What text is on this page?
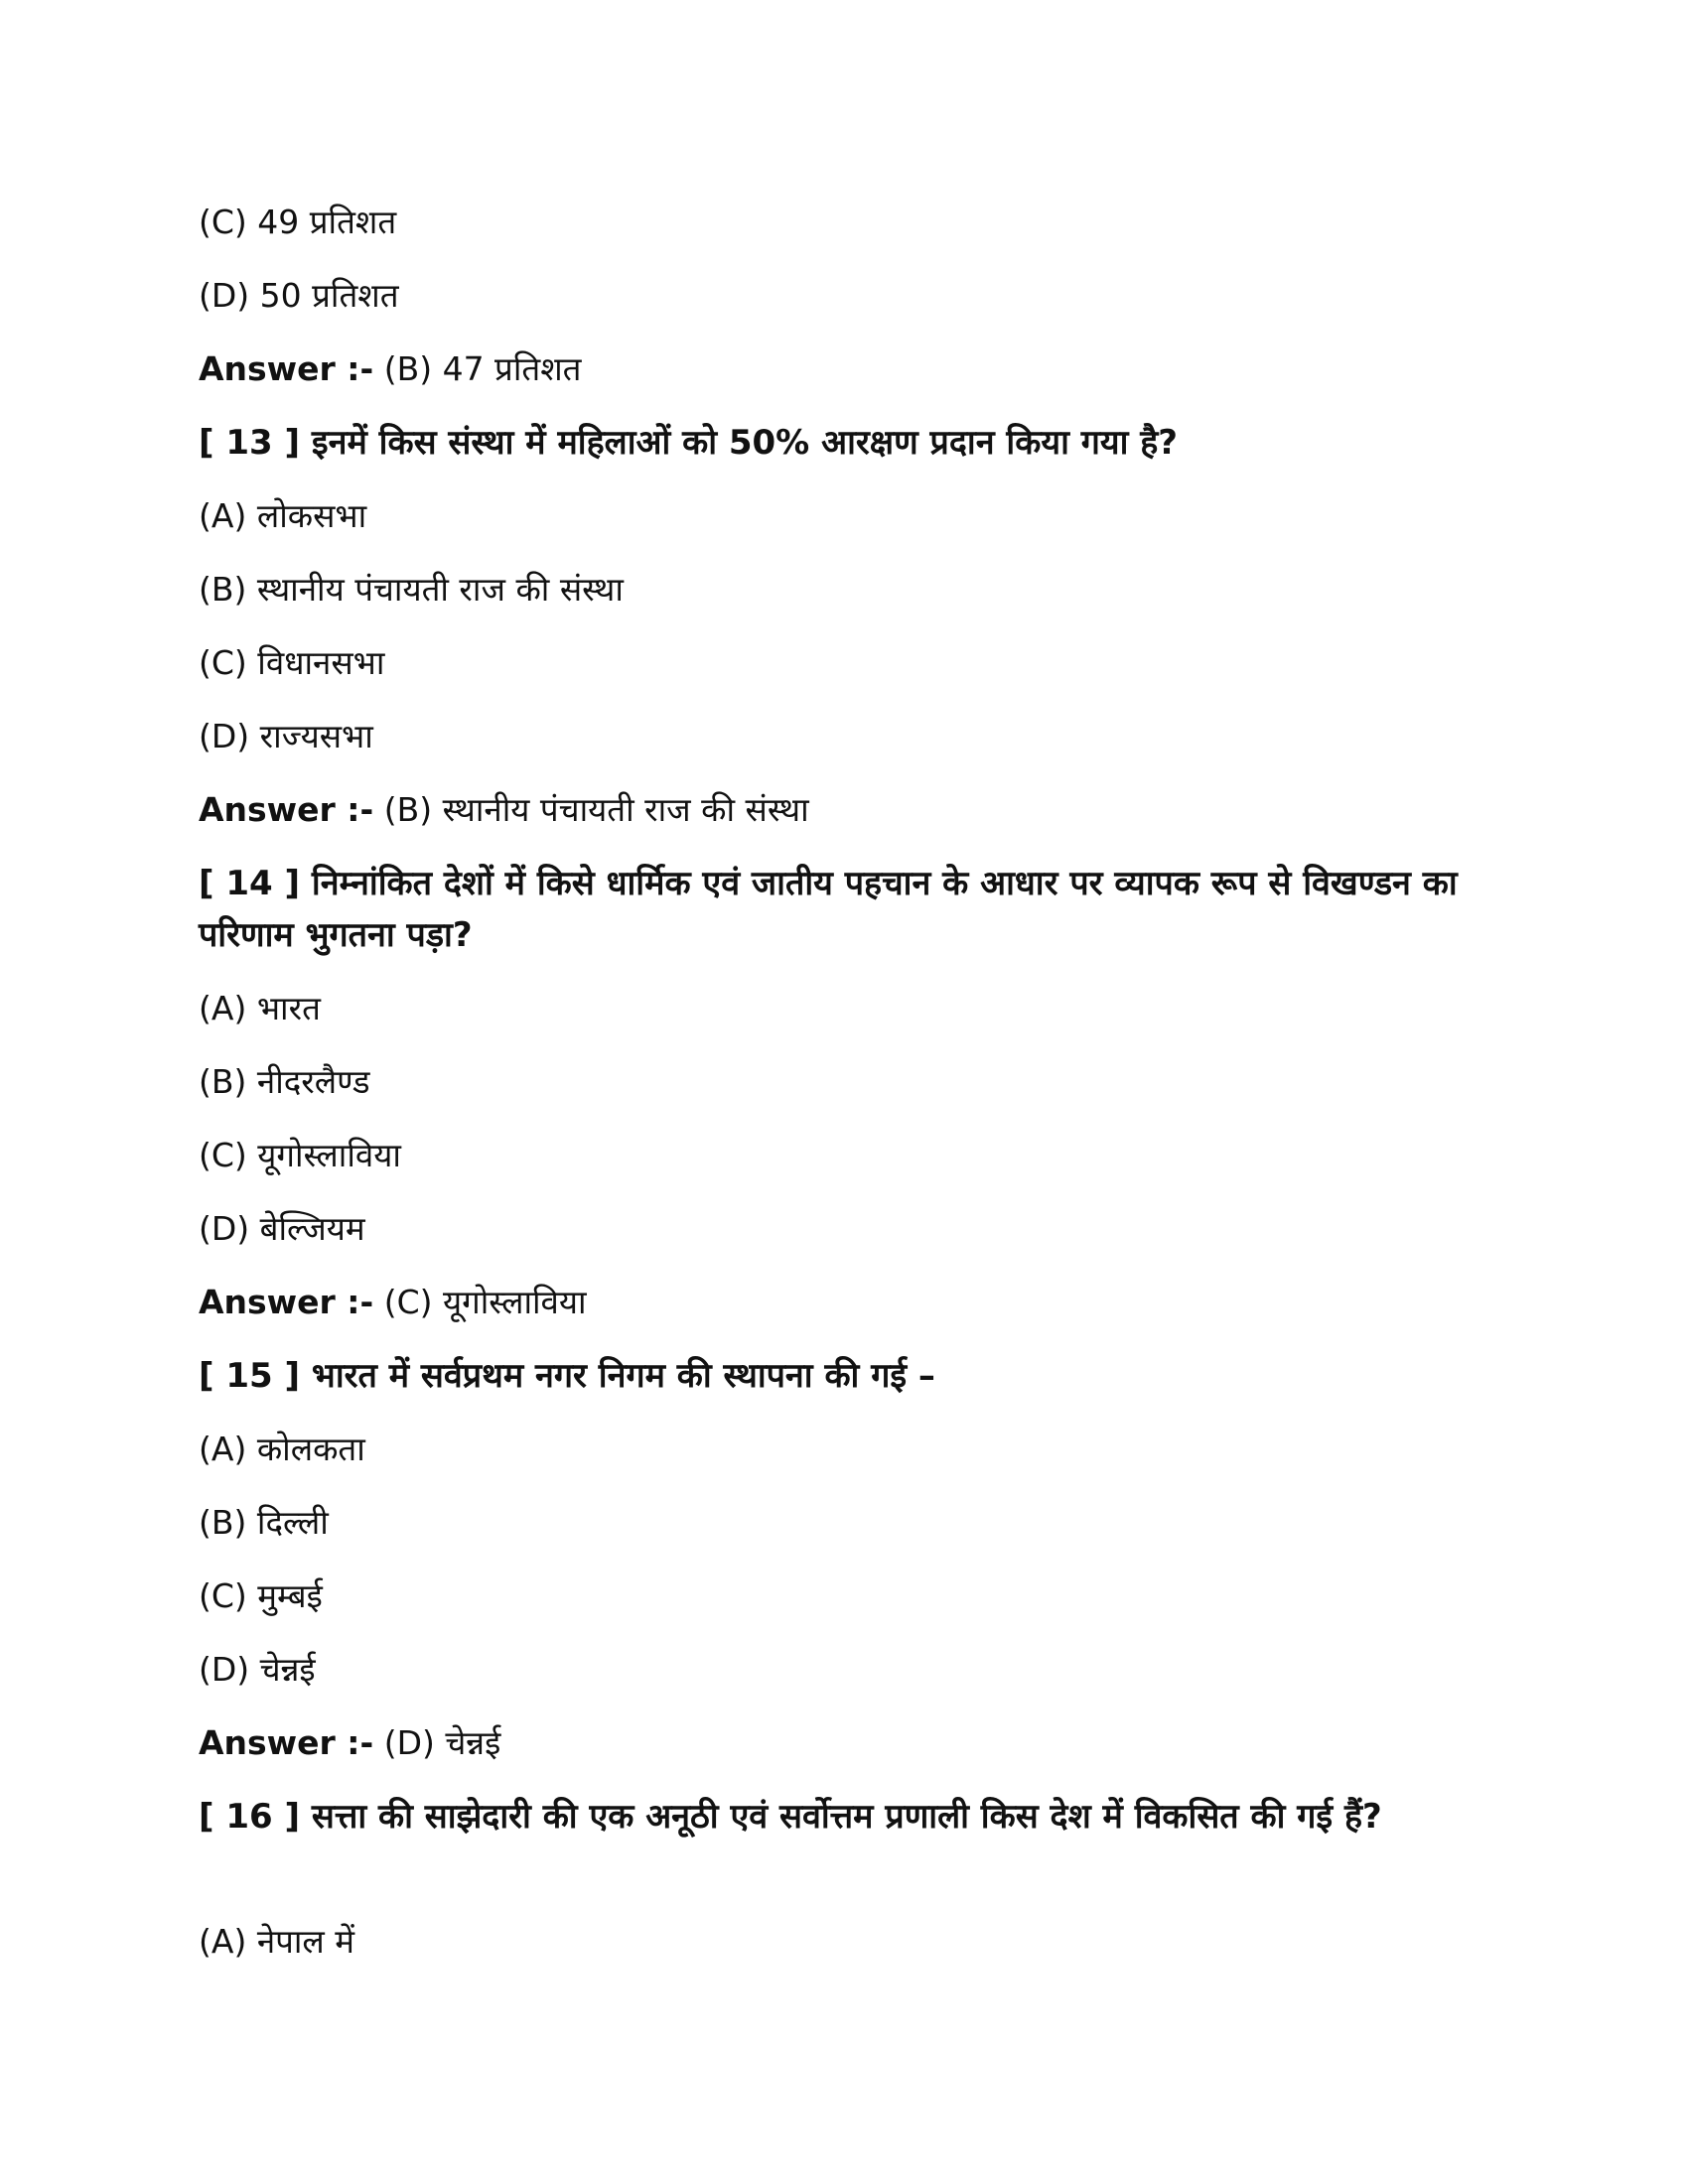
(C) 49 प्रतिशत
(D) 50 प्रतिशत
Answer :- (B) 47 प्रतिशत
[ 13 ] इनमें किस संस्था में महिलाओं को 50% आरक्षण प्रदान किया गया है?
(A) लोकसभा
(B) स्थानीय पंचायती राज की संस्था
(C) विधानसभा
(D) राज्यसभा
Answer :- (B) स्थानीय पंचायती राज की संस्था
[ 14 ] निम्नांकित देशों में किसे धार्मिक एवं जातीय पहचान के आधार पर व्यापक रूप से विखण्डन का परिणाम भुगतना पड़ा?
(A) भारत
(B) नीदरलैण्ड
(C) यूगोस्लाविया
(D) बेल्जियम
Answer :- (C) यूगोस्लाविया
[ 15 ] भारत में सर्वप्रथम नगर निगम की स्थापना की गई –
(A) कोलकता
(B) दिल्ली
(C) मुम्बई
(D) चेन्नई
Answer :- (D) चेन्नई
[ 16 ] सत्ता की साझेदारी की एक अनूठी एवं सर्वोत्तम प्रणाली किस देश में विकसित की गई हैं?
(A) नेपाल में
